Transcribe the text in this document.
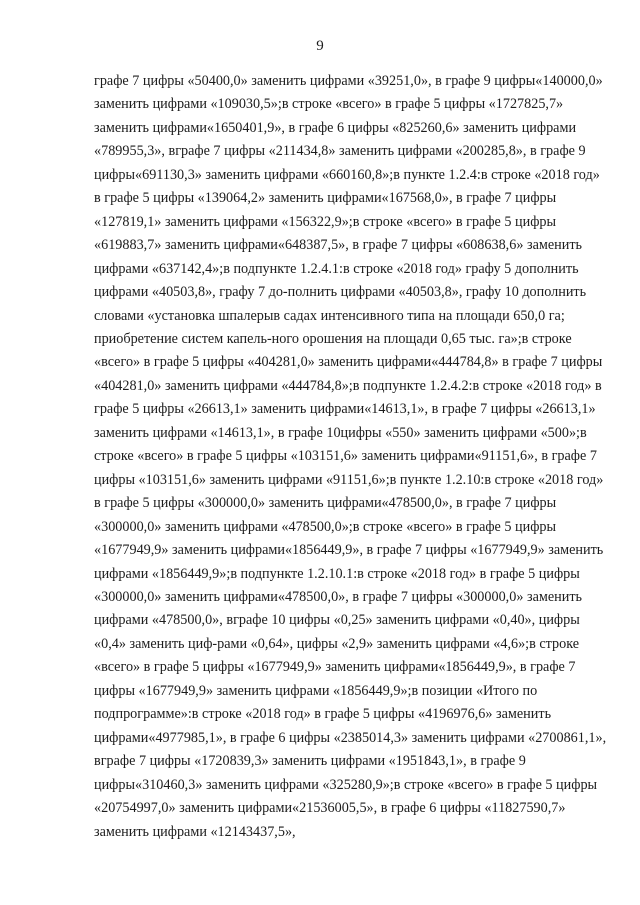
9
графе 7 цифры «50400,0» заменить цифрами «39251,0», в графе 9 цифры«140000,0» заменить цифрами «109030,5»;в строке «всего» в графе 5 цифры «1727825,7» заменить цифрами«1650401,9», в графе 6 цифры «825260,6» заменить цифрами «789955,3», вграфе 7 цифры «211434,8» заменить цифрами «200285,8», в графе 9 цифры«691130,3» заменить цифрами «660160,8»;в пункте 1.2.4:в строке «2018 год» в графе 5 цифры «139064,2» заменить цифрами«167568,0», в графе 7 цифры «127819,1» заменить цифрами «156322,9»;в строке «всего» в графе 5 цифры «619883,7» заменить цифрами«648387,5», в графе 7 цифры «608638,6» заменить цифрами «637142,4»;в подпункте 1.2.4.1:в строке «2018 год» графу 5 дополнить цифрами «40503,8», графу 7 до-полнить цифрами «40503,8», графу 10 дополнить словами «установка шпалерыв садах интенсивного типа на площади 650,0 га; приобретение систем капель-ного орошения на площади 0,65 тыс. га»;в строке «всего» в графе 5 цифры «404281,0» заменить цифрами«444784,8» в графе 7 цифры «404281,0» заменить цифрами «444784,8»;в подпункте 1.2.4.2:в строке «2018 год» в графе 5 цифры «26613,1» заменить цифрами«14613,1», в графе 7 цифры «26613,1» заменить цифрами «14613,1», в графе 10цифры «550» заменить цифрами «500»;в строке «всего» в графе 5 цифры «103151,6» заменить цифрами«91151,6», в графе 7 цифры «103151,6» заменить цифрами «91151,6»;в пункте 1.2.10:в строке «2018 год» в графе 5 цифры «300000,0» заменить цифрами«478500,0», в графе 7 цифры «300000,0» заменить цифрами «478500,0»;в строке «всего» в графе 5 цифры «1677949,9» заменить цифрами«1856449,9», в графе 7 цифры «1677949,9» заменить цифрами «1856449,9»;в подпункте 1.2.10.1:в строке «2018 год» в графе 5 цифры «300000,0» заменить цифрами«478500,0», в графе 7 цифры «300000,0» заменить цифрами «478500,0», вграфе 10 цифры «0,25» заменить цифрами «0,40», цифры «0,4» заменить циф-рами «0,64», цифры «2,9» заменить цифрами «4,6»;в строке «всего» в графе 5 цифры «1677949,9» заменить цифрами«1856449,9», в графе 7 цифры «1677949,9» заменить цифрами «1856449,9»;в позиции «Итого по подпрограмме»:в строке «2018 год» в графе 5 цифры «4196976,6» заменить цифрами«4977985,1», в графе 6 цифры «2385014,3» заменить цифрами «2700861,1», вграфе 7 цифры «1720839,3» заменить цифрами «1951843,1», в графе 9 цифры«310460,3» заменить цифрами «325280,9»;в строке «всего» в графе 5 цифры «20754997,0» заменить цифрами«21536005,5», в графе 6 цифры «11827590,7» заменить цифрами «12143437,5»,
